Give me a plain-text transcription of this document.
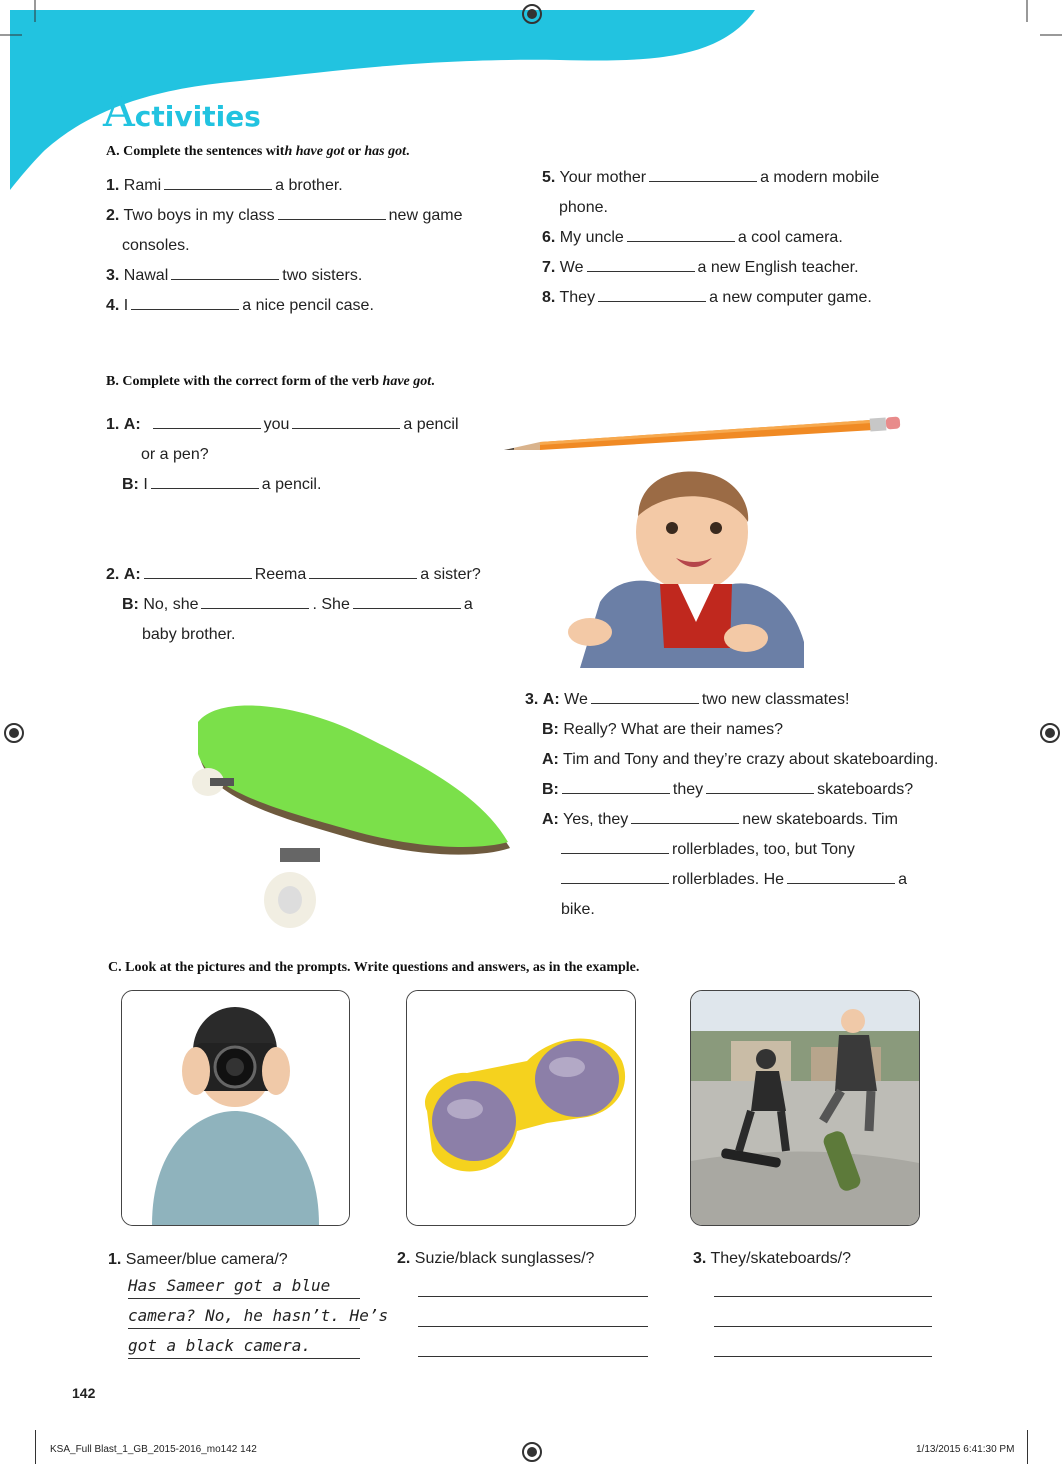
Activities
A. Complete the sentences with have got or has got.
1. Rami	a brother.
2. Two boys in my class	new game
consoles.
3. Nawal	two sisters.
4. I	a nice pencil case.
5. Your mother	a modern mobile
phone.
6. My uncle	a cool camera.
7. We	a new English teacher.
8. They	a new computer game.
B. Complete with the correct form of the verb have got.
1. A:	you	a pencil
or a pen?
B: I	a pencil.
2. A:	Reema	a sister?
B: No, she	. She	a
baby brother.
3. A: We	two new classmates!
B: Really? What are their names?
A: Tim and Tony and they’re crazy about skateboarding.
B:	they	skateboards?
A: Yes, they	new skateboards. Tim
rollerblades, too, but Tony
rollerblades. He	a
bike.
C. Look at the pictures and the prompts. Write questions and answers, as in the example.
1. Sameer/blue camera/?	2. Suzie/black sunglasses/?	3. They/skateboards/?
Has Sameer got a blue
camera? No, he hasn’t. He’s
got a black camera.
142
KSA_Full Blast_1_GB_2015-2016_mo142 142	1/13/2015 6:41:30 PM
